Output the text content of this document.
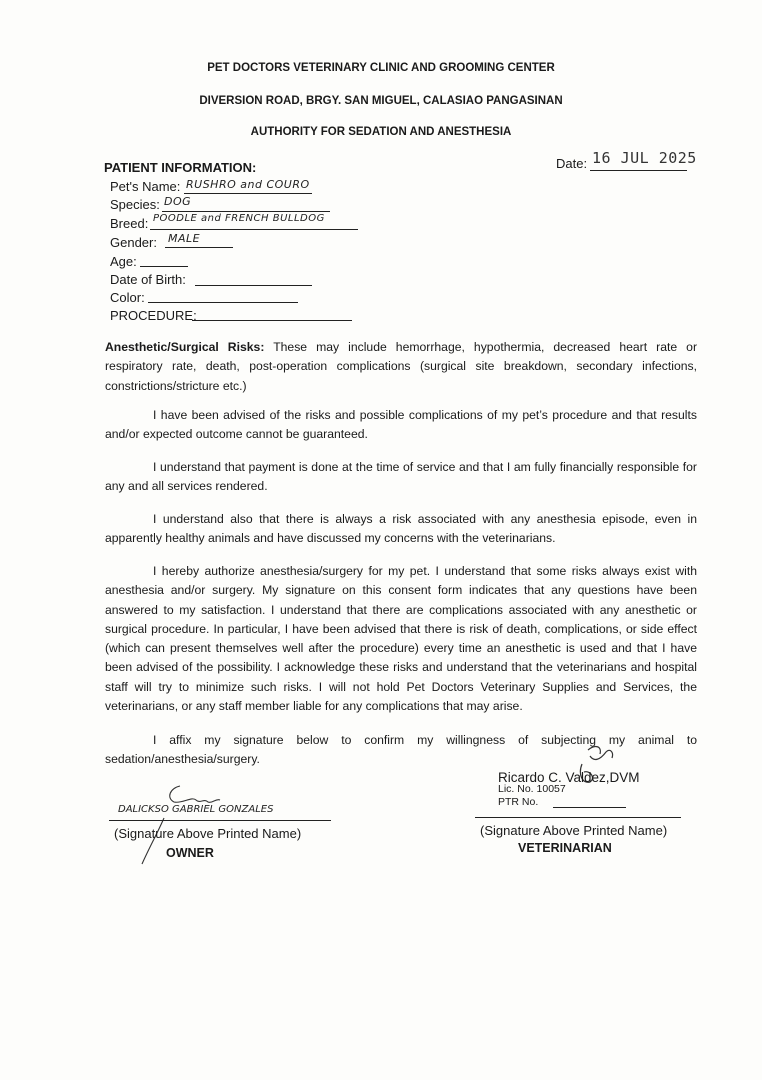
PET DOCTORS VETERINARY CLINIC AND GROOMING CENTER
DIVERSION ROAD, BRGY. SAN MIGUEL, CALASIAO PANGASINAN
AUTHORITY FOR SEDATION AND ANESTHESIA
Date: 16 JUL 2025
PATIENT INFORMATION:
Pet's Name: RUSHRO and COURO
Species: DOG
Breed: POODLE and FRENCH BULLDOG
Gender: MALE
Age:
Date of Birth:
Color:
PROCEDURE:
Anesthetic/Surgical Risks: These may include hemorrhage, hypothermia, decreased heart rate or respiratory rate, death, post-operation complications (surgical site breakdown, secondary infections, constrictions/stricture etc.)
I have been advised of the risks and possible complications of my pet’s procedure and that results and/or expected outcome cannot be guaranteed.
I understand that payment is done at the time of service and that I am fully financially responsible for any and all services rendered.
I understand also that there is always a risk associated with any anesthesia episode, even in apparently healthy animals and have discussed my concerns with the veterinarians.
I hereby authorize anesthesia/surgery for my pet. I understand that some risks always exist with anesthesia and/or surgery. My signature on this consent form indicates that any questions have been answered to my satisfaction. I understand that there are complications associated with any anesthetic or surgical procedure. In particular, I have been advised that there is risk of death, complications, or side effect (which can present themselves well after the procedure) every time an anesthetic is used and that I have been advised of the possibility. I acknowledge these risks and understand that the veterinarians and hospital staff will try to minimize such risks. I will not hold Pet Doctors Veterinary Supplies and Services, the veterinarians, or any staff member liable for any complications that may arise.
I affix my signature below to confirm my willingness of subjecting my animal to sedation/anesthesia/surgery.
Ricardo C. Valdez,DVM
Lic. No. 10057
PTR No.
(Signature Above Printed Name)
VETERINARIAN
DALICKSO GABRIEL GONZALES
(Signature Above Printed Name)
OWNER
